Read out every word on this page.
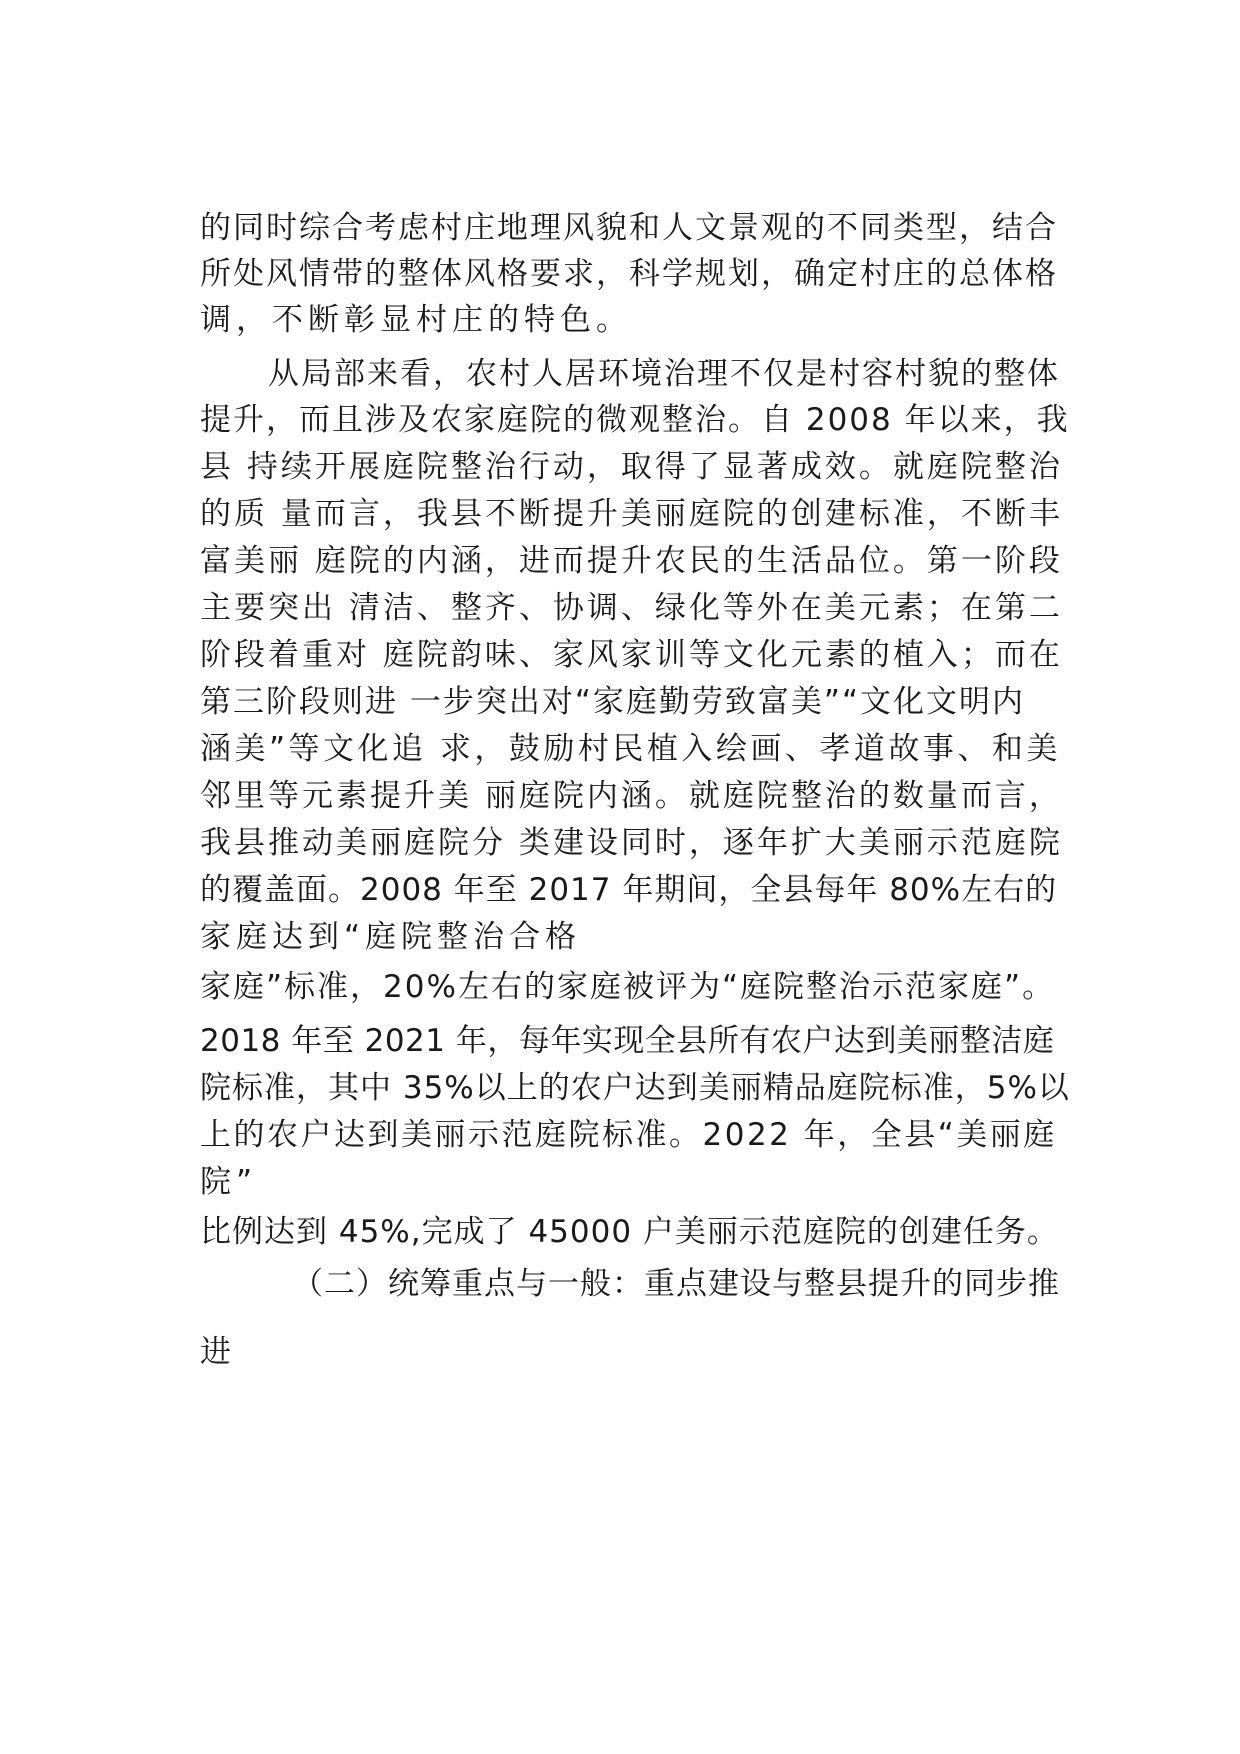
的同时综合考虑村庄地理风貌和人文景观的不同类型，结合
所处风情带的整体风格要求，科学规划，确定村庄的总体格
调，不断彰显村庄的特色。
从局部来看，农村人居环境治理不仅是村容村貌的整体
提升，而且涉及农家庭院的微观整治。自 2008 年以来，我
县 持续开展庭院整治行动，取得了显著成效。就庭院整治
的质 量而言，我县不断提升美丽庭院的创建标准，不断丰
富美丽 庭院的内涵，进而提升农民的生活品位。第一阶段
主要突出 清洁、整齐、协调、绿化等外在美元素；在第二
阶段着重对 庭院韵味、家风家训等文化元素的植入；而在
第三阶段则进 一步突出对“家庭勤劳致富美”“文化文明内
涵美”等文化追 求，鼓励村民植入绘画、孝道故事、和美
邻里等元素提升美 丽庭院内涵。就庭院整治的数量而言，
我县推动美丽庭院分 类建设同时，逐年扩大美丽示范庭院
的覆盖面。2008 年至 2017 年期间，全县每年 80%左右的
家庭达到“庭院整治合格
家庭”标准，20%左右的家庭被评为“庭院整治示范家庭”。
2018 年至 2021 年，每年实现全县所有农户达到美丽整洁庭
院标准，其中 35%以上的农户达到美丽精品庭院标准，5%以
上的农户达到美丽示范庭院标准。2022 年，全县“美丽庭
院”
比例达到 45%,完成了 45000 户美丽示范庭院的创建任务。
（二）统筹重点与一般：重点建设与整县提升的同步推
进
